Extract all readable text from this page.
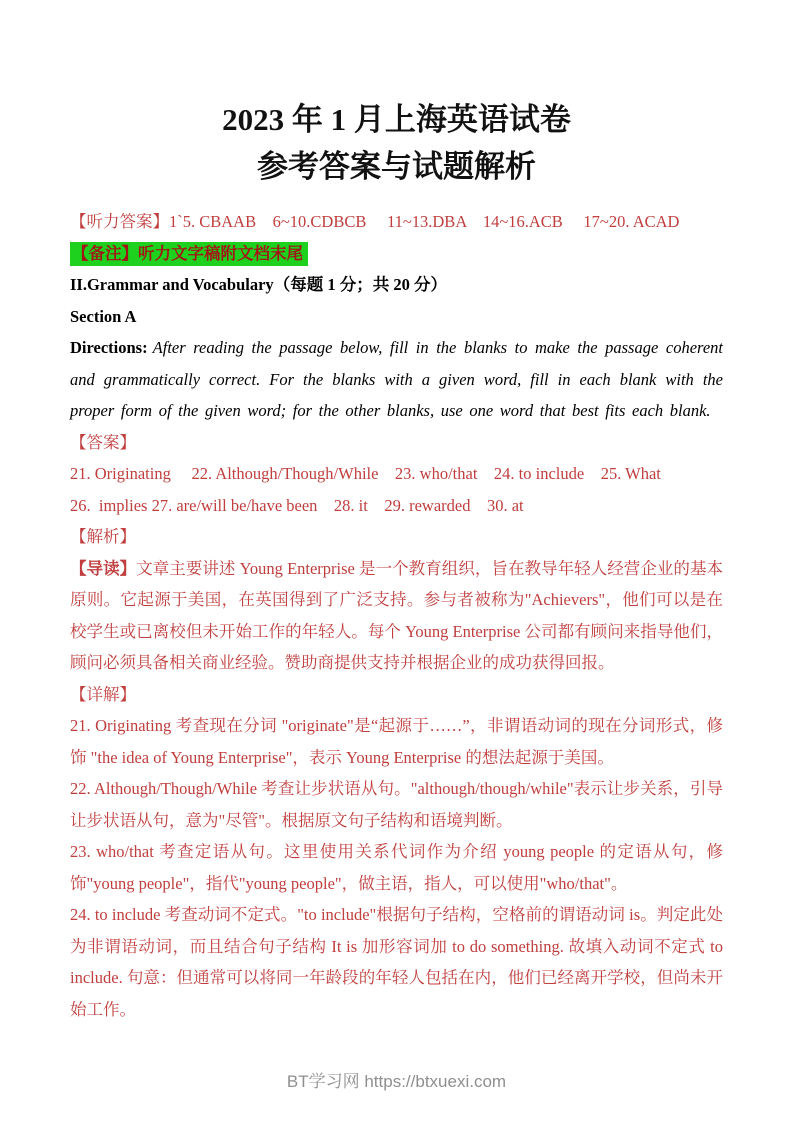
2023 年 1 月上海英语试卷
参考答案与试题解析

【听力答案】1`5. CBAAB    6~10.CDBCB     11~13.DBA    14~16.ACB     17~20. ACAD

【备注】听力文字稿附文档末尾

II.Grammar and Vocabulary（每题 1 分；共 20 分）

Section A

Directions: After reading the passage below, fill in the blanks to make the passage coherent and grammatically correct. For the blanks with a given word, fill in each blank with the proper form of the given word; for the other blanks, use one word that best fits each blank.

【答案】

21. Originating     22. Although/Though/While    23. who/that    24. to include    25. What

26.  implies 27. are/will be/have been    28. it    29. rewarded    30. at

【解析】

【导读】文章主要讲述 Young Enterprise 是一个教育组织，旨在教导年轻人经营企业的基本原则。它起源于美国，在英国得到了广泛支持。参与者被称为"Achievers"，他们可以是在校学生或已离校但未开始工作的年轻人。每个 Young Enterprise 公司都有顾问来指导他们，顾问必须具备相关商业经验。赞助商提供支持并根据企业的成功获得回报。

【详解】

21. Originating 考查现在分词 "originate"是“起源于……”，非谓语动词的现在分词形式，修饰 "the idea of Young Enterprise"，表示 Young Enterprise 的想法起源于美国。

22. Although/Though/While 考查让步状语从句。"although/though/while"表示让步关系，引导让步状语从句，意为"尽管"。根据原文句子结构和语境判断。

23. who/that 考查定语从句。这里使用关系代词作为介绍 young people 的定语从句，修饰"young people"，指代"young people"，做主语，指人，可以使用"who/that"。

24. to include 考查动词不定式。"to include"根据句子结构，空格前的谓语动词 is。判定此处为非谓语动词，而且结合句子结构 It is 加形容词加 to do something. 故填入动词不定式 to include. 句意：但通常可以将同一年龄段的年轻人包括在内，他们已经离开学校，但尚未开始工作。

BT学习网 https://btxuexi.com
